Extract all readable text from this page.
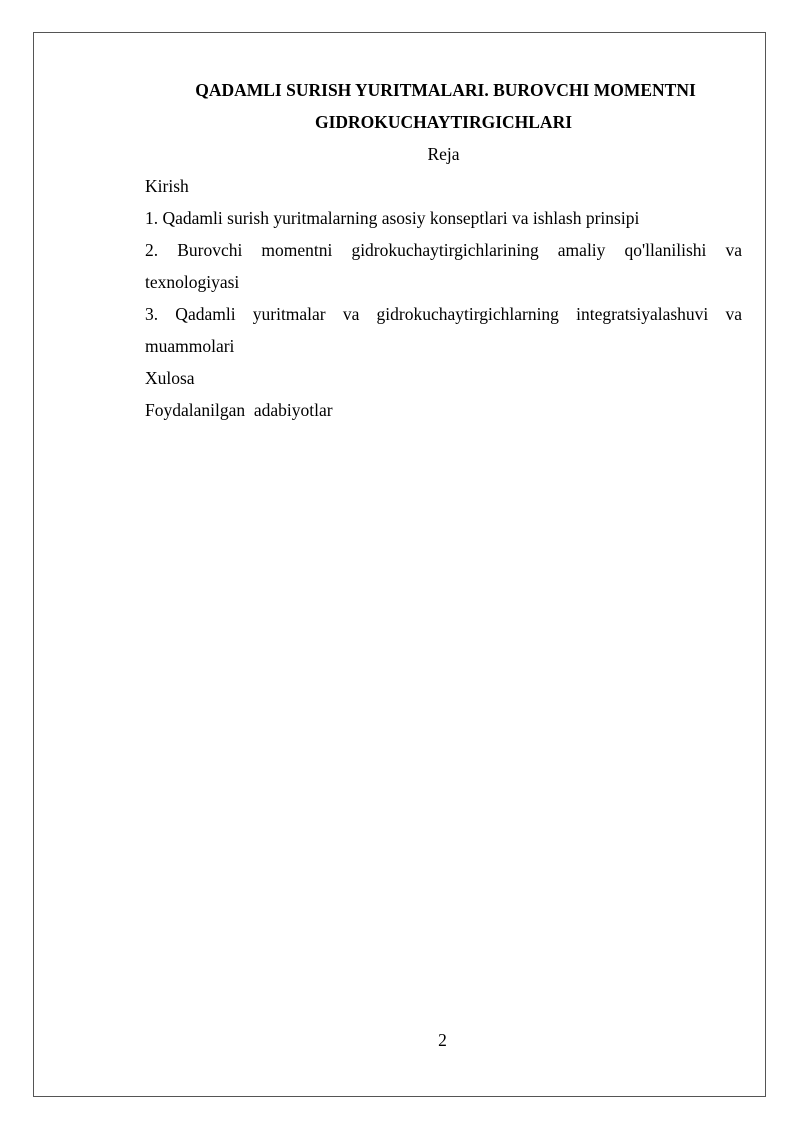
QADAMLI SURISH YURITMALARI. BUROVCHI MOMENTNI
GIDROKUCHAYTIRGICHLARI

Reja

Kirish
1. Qadamli surish yuritmalarning asosiy konseptlari va ishlash prinsipi
2. Burovchi momentni gidrokuchaytirgichlarining amaliy qo'llanilishi va texnologiyasi
3. Qadamli yuritmalar va gidrokuchaytirgichlarning integratsiyalashuvi va muammolari
Xulosa
Foydalanilgan  adabiyotlar
2
